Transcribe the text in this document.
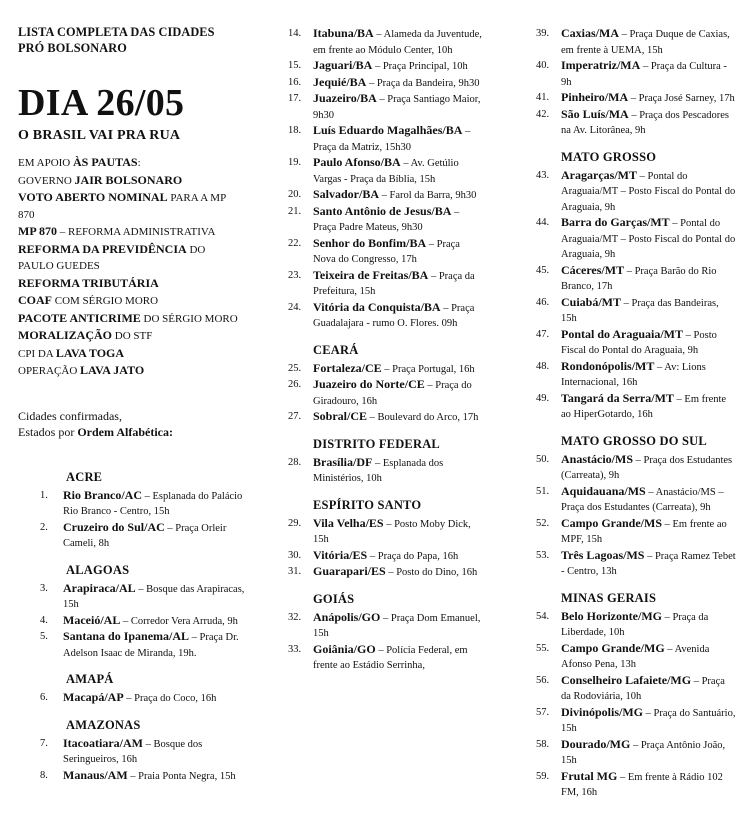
LISTA COMPLETA DAS CIDADES
PRÓ BOLSONARO
DIA 26/05
O BRASIL VAI PRA RUA
EM APOIO ÀS PAUTAS:
GOVERNO JAIR BOLSONARO
VOTO ABERTO NOMINAL PARA A MP
870
MP 870 – REFORMA ADMINISTRATIVA
REFORMA DA PREVIDÊNCIA DO
PAULO GUEDES
REFORMA TRIBUTÁRIA
COAF COM SÉRGIO MORO
PACOTE ANTICRIME DO SÉRGIO MORO
MORALIZAÇÃO DO STF
CPI DA LAVA TOGA
OPERAÇÃO LAVA JATO
Cidades confirmadas,
Estados por Ordem Alfabética:
ACRE
1.	Rio Branco/AC – Esplanada do Palácio Rio Branco - Centro, 15h
2.	Cruzeiro do Sul/AC – Praça Orleir Cameli, 8h
ALAGOAS
3.	Arapiraca/AL – Bosque das Arapiracas, 15h
4.	Maceió/AL – Corredor Vera Arruda, 9h
5.	Santana do Ipanema/AL – Praça Dr. Adelson Isaac de Miranda, 19h.
AMAPÁ
6.	Macapá/AP – Praça do Coco, 16h
AMAZONAS
7.	Itacoatiara/AM – Bosque dos Seringueiros, 16h
8.	Manaus/AM – Praia Ponta Negra, 15h
14. Itabuna/BA – Alameda da Juventude, em frente ao Módulo Center, 10h
15. Jaguari/BA – Praça Principal, 10h
16. Jequié/BA – Praça da Bandeira, 9h30
17. Juazeiro/BA – Praça Santiago Maior, 9h30
18. Luís Eduardo Magalhães/BA – Praça da Matriz, 15h30
19. Paulo Afonso/BA – Av. Getúlio Vargas - Praça da Bíblia, 15h
20. Salvador/BA – Farol da Barra, 9h30
21. Santo Antônio de Jesus/BA – Praça Padre Mateus, 9h30
22. Senhor do Bonfim/BA – Praça Nova do Congresso, 17h
23. Teixeira de Freitas/BA – Praça da Prefeitura, 15h
24. Vitória da Conquista/BA – Praça Guadalajara - rumo O. Flores. 09h
CEARÁ
25. Fortaleza/CE – Praça Portugal, 16h
26. Juazeiro do Norte/CE – Praça do Giradouro, 16h
27. Sobral/CE – Boulevard do Arco, 17h
DISTRITO FEDERAL
28. Brasília/DF – Esplanada dos Ministérios, 10h
ESPÍRITO SANTO
29. Vila Velha/ES – Posto Moby Dick, 15h
30. Vitória/ES – Praça do Papa, 16h
31. Guarapari/ES – Posto do Dino, 16h
GOIÁS
32. Anápolis/GO – Praça Dom Emanuel, 15h
33. Goiânia/GO – Polícia Federal, em frente ao Estádio Serrinha,
39. Caxias/MA – Praça Duque de Caxias, em frente à UEMA, 15h
40. Imperatriz/MA – Praça da Cultura - 9h
41. Pinheiro/MA – Praça José Sarney, 17h
42. São Luís/MA – Praça dos Pescadores na Av. Litorânea, 9h
MATO GROSSO
43. Aragarças/MT – Pontal do Araguaia/MT – Posto Fiscal do Pontal do Araguaia, 9h
44. Barra do Garças/MT – Pontal do Araguaia/MT – Posto Fiscal do Pontal do Araguaia, 9h
45. Cáceres/MT – Praça Barão do Rio Branco, 17h
46. Cuiabá/MT – Praça das Bandeiras, 15h
47. Pontal do Araguaia/MT – Posto Fiscal do Pontal do Araguaia, 9h
48. Rondonópolis/MT – Av: Lions Internacional, 16h
49. Tangará da Serra/MT – Em frente ao HiperGotardo, 16h
MATO GROSSO DO SUL
50. Anastácio/MS – Praça dos Estudantes (Carreata), 9h
51. Aquidauana/MS – Anastácio/MS – Praça dos Estudantes (Carreata), 9h
52. Campo Grande/MS – Em frente ao MPF, 15h
53. Três Lagoas/MS – Praça Ramez Tebet - Centro, 13h
MINAS GERAIS
54. Belo Horizonte/MG – Praça da Liberdade, 10h
55. Campo Grande/MG – Avenida Afonso Pena, 13h
56. Conselheiro Lafaiete/MG – Praça da Rodoviária, 10h
57. Divinópolis/MG – Praça do Santuário, 15h
58. Dourado/MG – Praça Antônio João, 15h
59. Frutal MG – Em frente à Rádio 102 FM, 16h
